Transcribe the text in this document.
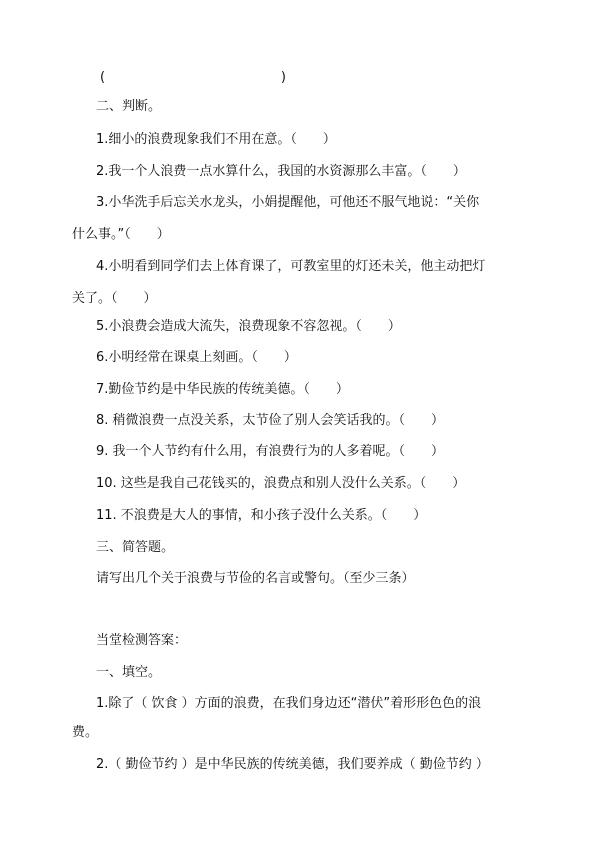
(	)
二、判断。
1.细小的浪费现象我们不用在意。（　　）
2.我一个人浪费一点水算什么，我国的水资源那么丰富。（　　）
3.小华洗手后忘关水龙头，小娟提醒他，可他还不服气地说：“关你
什么事。”（　　）
4.小明看到同学们去上体育课了，可教室里的灯还未关，他主动把灯
关了。（　　）
5.小浪费会造成大流失，浪费现象不容忽视。（　　）
6.小明经常在课桌上刻画。（　　）
7.勤俭节约是中华民族的传统美德。（　　）
8. 稍微浪费一点没关系，太节俭了别人会笑话我的。（　　）
9. 我一个人节约有什么用，有浪费行为的人多着呢。（　　）
10. 这些是我自己花钱买的，浪费点和别人没什么关系。（　　）
11. 不浪费是大人的事情，和小孩子没什么关系。（　　）
三、简答题。
请写出几个关于浪费与节俭的名言或警句。（至少三条）
当堂检测答案：
一、填空。
1.除了（ 饮食 ）方面的浪费，在我们身边还“潜伏”着形形色色的浪
费。
2.（ 勤俭节约 ）是中华民族的传统美德，我们要养成（ 勤俭节约 ）
